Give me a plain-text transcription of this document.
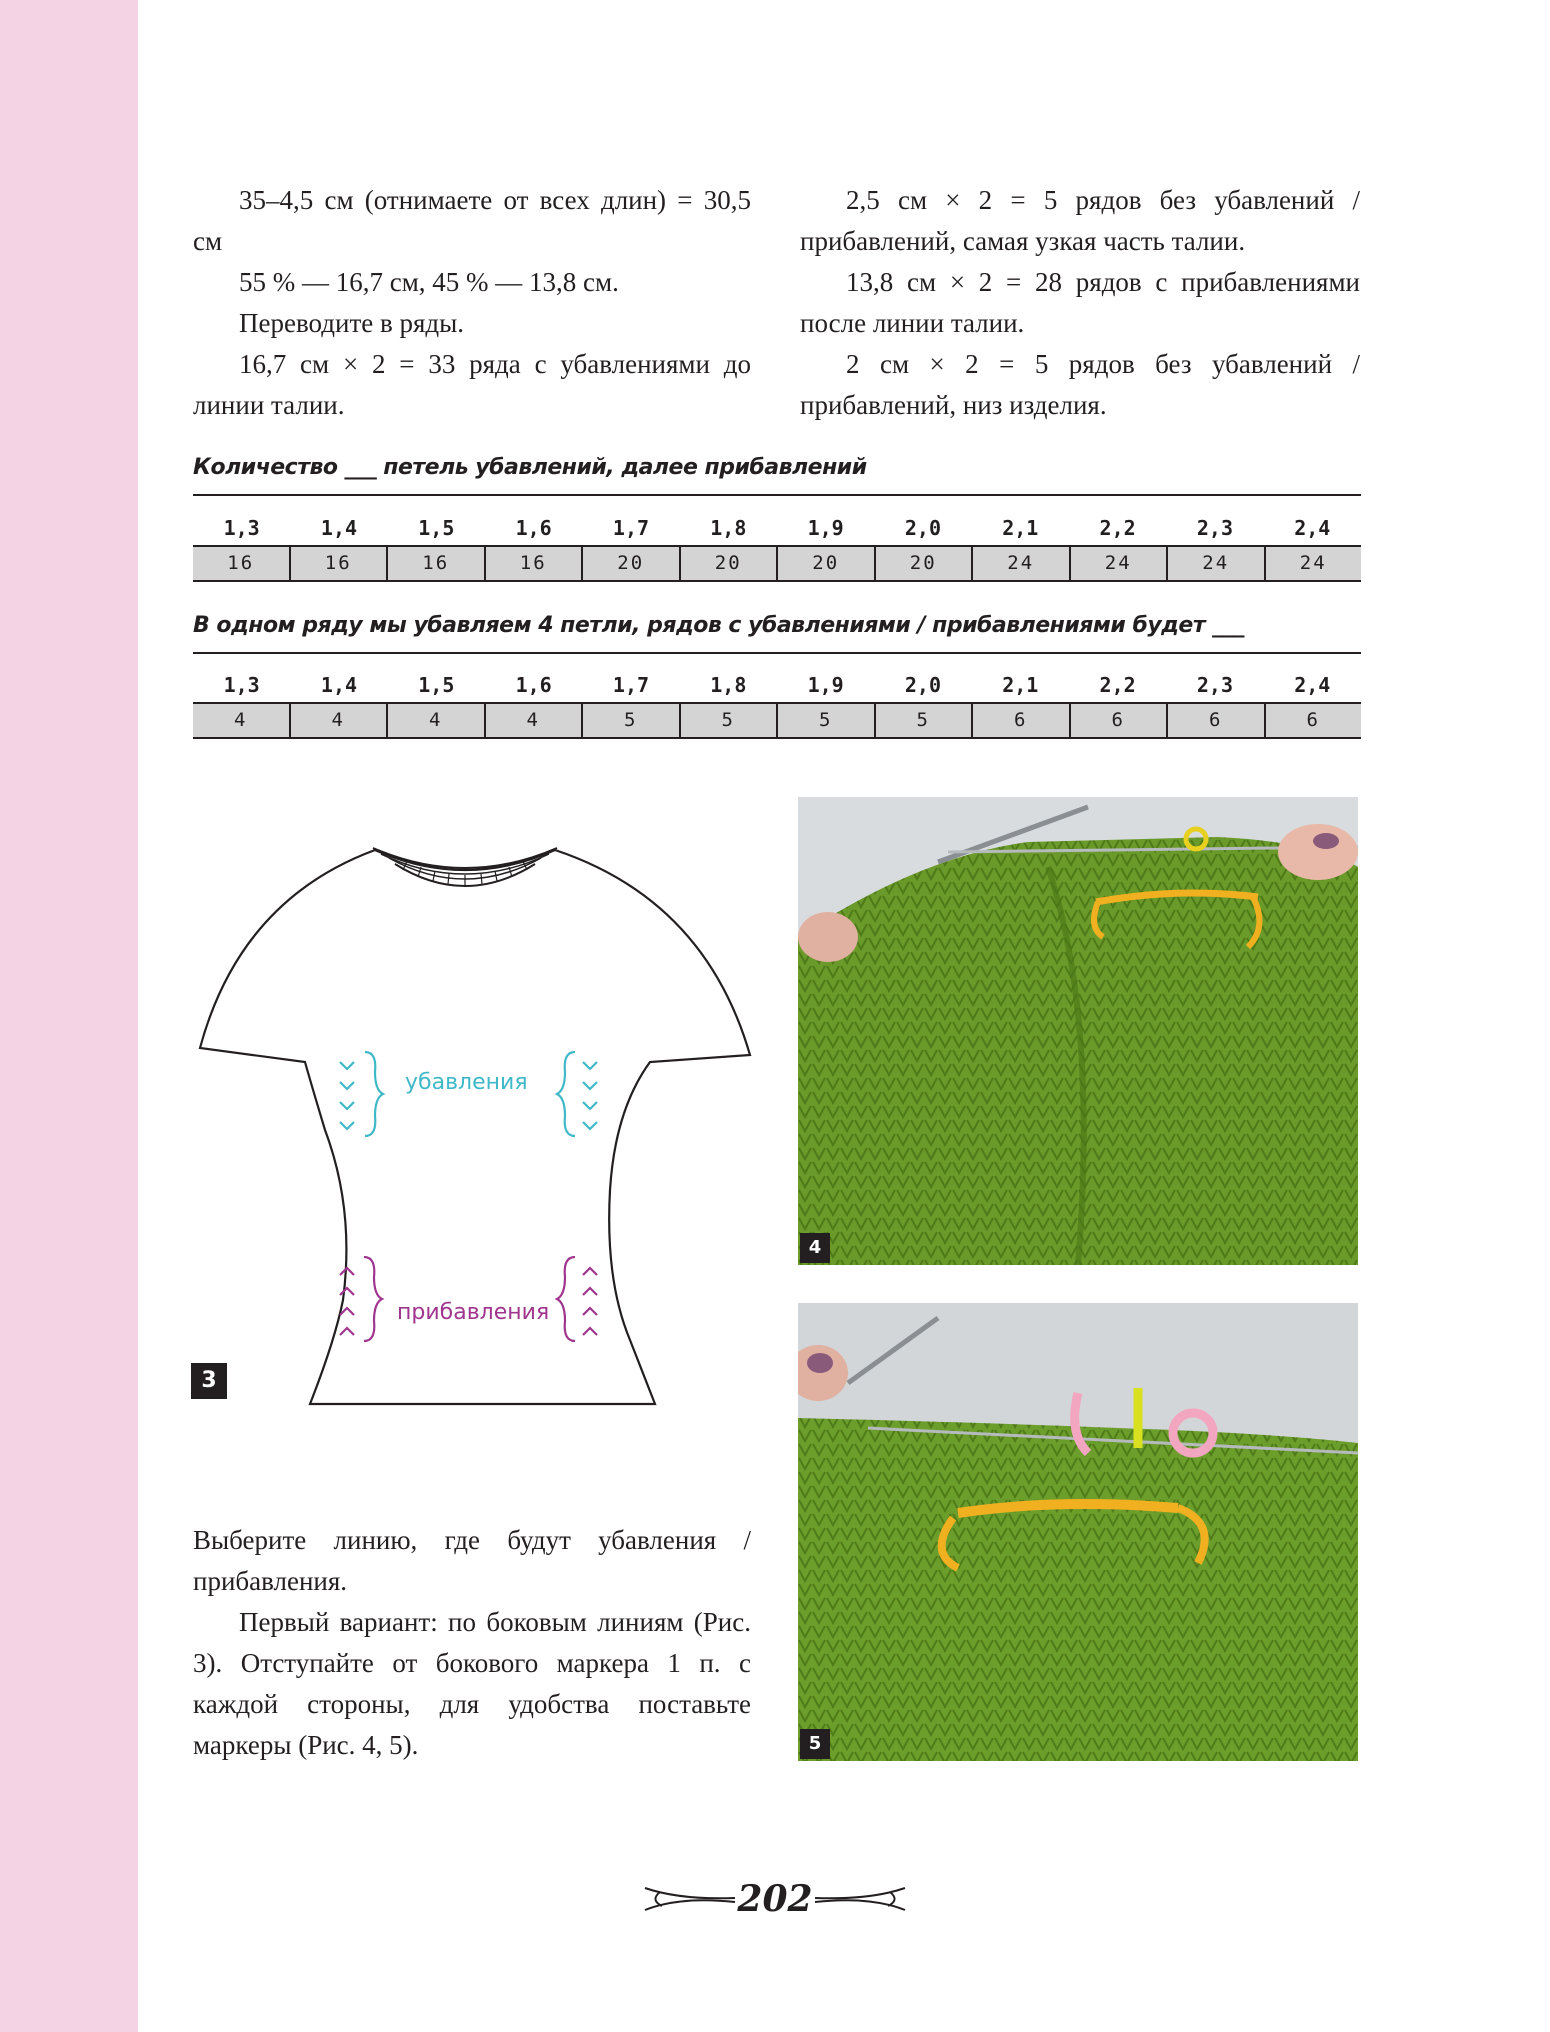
35–4,5 см (отнимаете от всех длин) = 30,5 см

55 % — 16,7 см, 45 % — 13,8 см.

Переводите в ряды.

16,7 см × 2 = 33 ряда с убавлениями до линии талии.

2,5 см × 2 = 5 рядов без убавлений / прибавлений, самая узкая часть талии.

13,8 см × 2 = 28 рядов с прибавлениями после линии талии.

2 см × 2 = 5 рядов без убавлений / прибавлений, низ изделия.

Количество ___ петель убавлений, далее прибавлений
1,3	1,4	1,5	1,6	1,7	1,8	1,9	2,0	2,1	2,2	2,3	2,4
16	16	16	16	20	20	20	20	24	24	24	24
В одном ряду мы убавляем 4 петли, рядов с убавлениями / прибавлениями будет ___
1,3	1,4	1,5	1,6	1,7	1,8	1,9	2,0	2,1	2,2	2,3	2,4
4	4	4	4	5	5	5	5	6	6	6	6
убавления
прибавления
3
4
5

Выберите линию, где будут убавления / прибавления.

Первый вариант: по боковым линиям (Рис. 3). Отступайте от бокового маркера 1 п. с каждой стороны, для удобства поставьте маркеры (Рис. 4, 5).

202
